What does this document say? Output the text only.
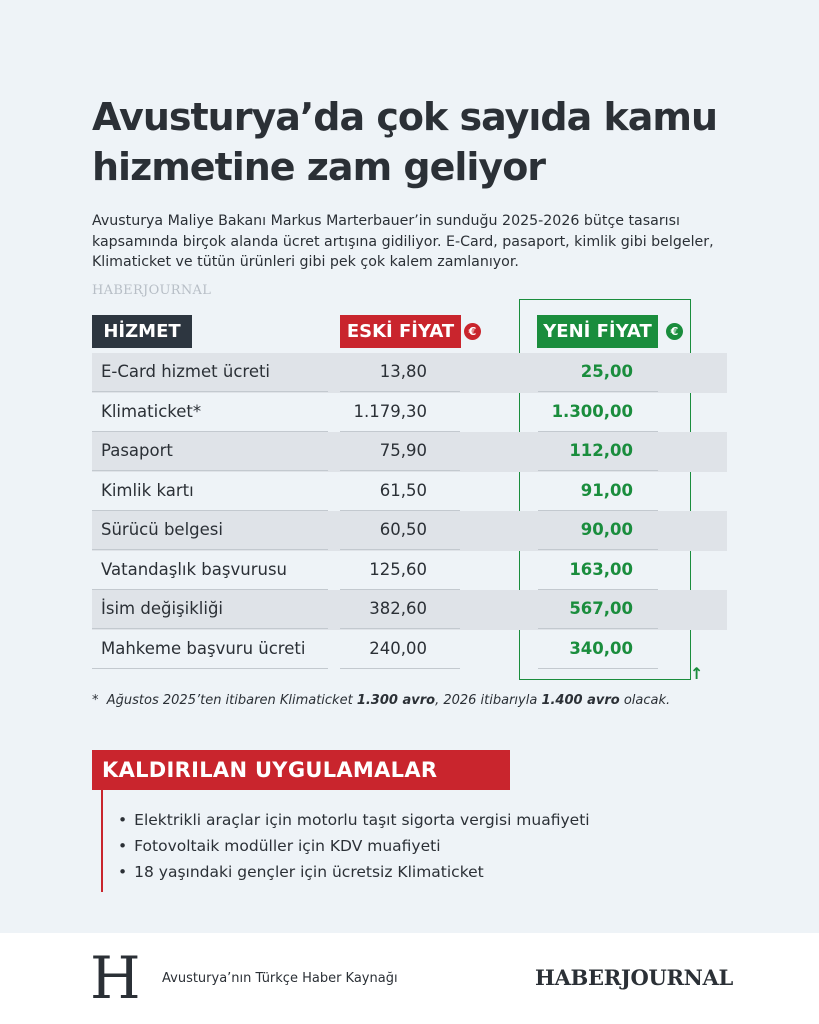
Avusturya’da çok sayıda kamu
hizmetine zam geliyor

Avusturya Maliye Bakanı Markus Marterbauer’in sunduğu 2025-2026 bütçe tasarısı kapsamında birçok alanda ücret artışına gidiliyor. E-Card, pasaport, kimlik gibi belgeler, Klimaticket ve tütün ürünleri gibi pek çok kalem zamlanıyor.

HABERJOURNAL
HİZMET	ESKİ FİYAT	€	YENİ FİYAT	€
E-Card hizmet ücreti	13,80	25,00
Klimaticket*	1.179,30	1.300,00
Pasaport	75,90	112,00
Kimlik kartı	61,50	91,00
Sürücü belgesi	60,50	90,00
Vatandaşlık başvurusu	125,60	163,00
İsim değişikliği	382,60	567,00
Mahkeme başvuru ücreti	240,00	340,00
↑

* Ağustos 2025’ten itibaren Klimaticket 1.300 avro, 2026 itibarıyla 1.400 avro olacak.

KALDIRILAN UYGULAMALAR
• Elektrikli araçlar için motorlu taşıt sigorta vergisi muafiyeti
• Fotovoltaik modüller için KDV muafiyeti
• 18 yaşındaki gençler için ücretsiz Klimaticket
H Avusturya’nın Türkçe Haber Kaynağı	HABERJOURNAL
